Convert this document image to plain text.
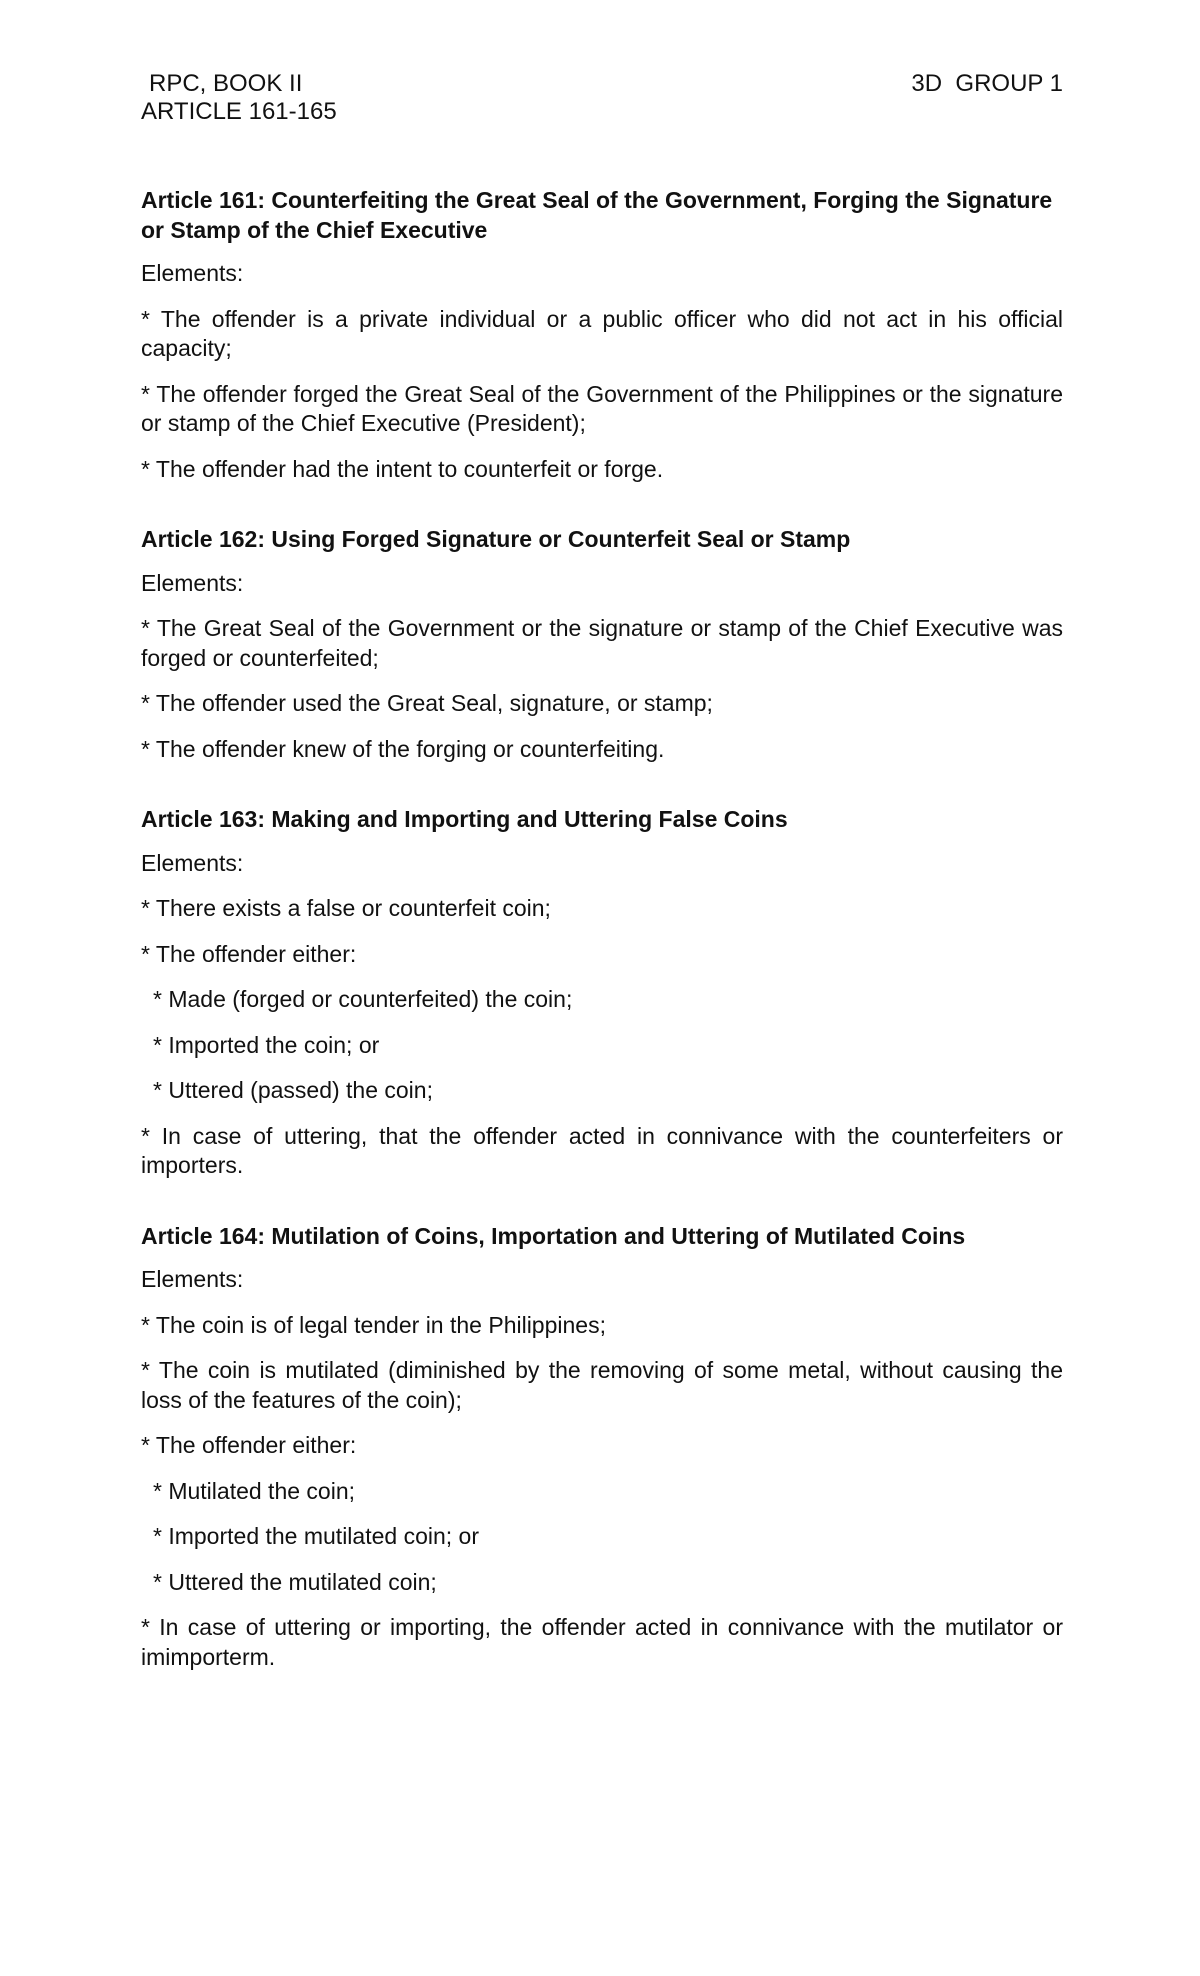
RPC, BOOK II
ARTICLE 161-165
3D  GROUP 1
Article 161: Counterfeiting the Great Seal of the Government, Forging the Signature or Stamp of the Chief Executive
Elements:
* The offender is a private individual or a public officer who did not act in his official capacity;
* The offender forged the Great Seal of the Government of the Philippines or the signature or stamp of the Chief Executive (President);
* The offender had the intent to counterfeit or forge.
Article 162: Using Forged Signature or Counterfeit Seal or Stamp
Elements:
* The Great Seal of the Government or the signature or stamp of the Chief Executive was forged or counterfeited;
* The offender used the Great Seal, signature, or stamp;
* The offender knew of the forging or counterfeiting.
Article 163: Making and Importing and Uttering False Coins
Elements:
* There exists a false or counterfeit coin;
* The offender either:
* Made (forged or counterfeited) the coin;
* Imported the coin; or
* Uttered (passed) the coin;
* In case of uttering, that the offender acted in connivance with the counterfeiters or importers.
Article 164: Mutilation of Coins, Importation and Uttering of Mutilated Coins
Elements:
* The coin is of legal tender in the Philippines;
* The coin is mutilated (diminished by the removing of some metal, without causing the loss of the features of the coin);
* The offender either:
* Mutilated the coin;
* Imported the mutilated coin; or
* Uttered the mutilated coin;
* In case of uttering or importing, the offender acted in connivance with the mutilator or imimporterm.
